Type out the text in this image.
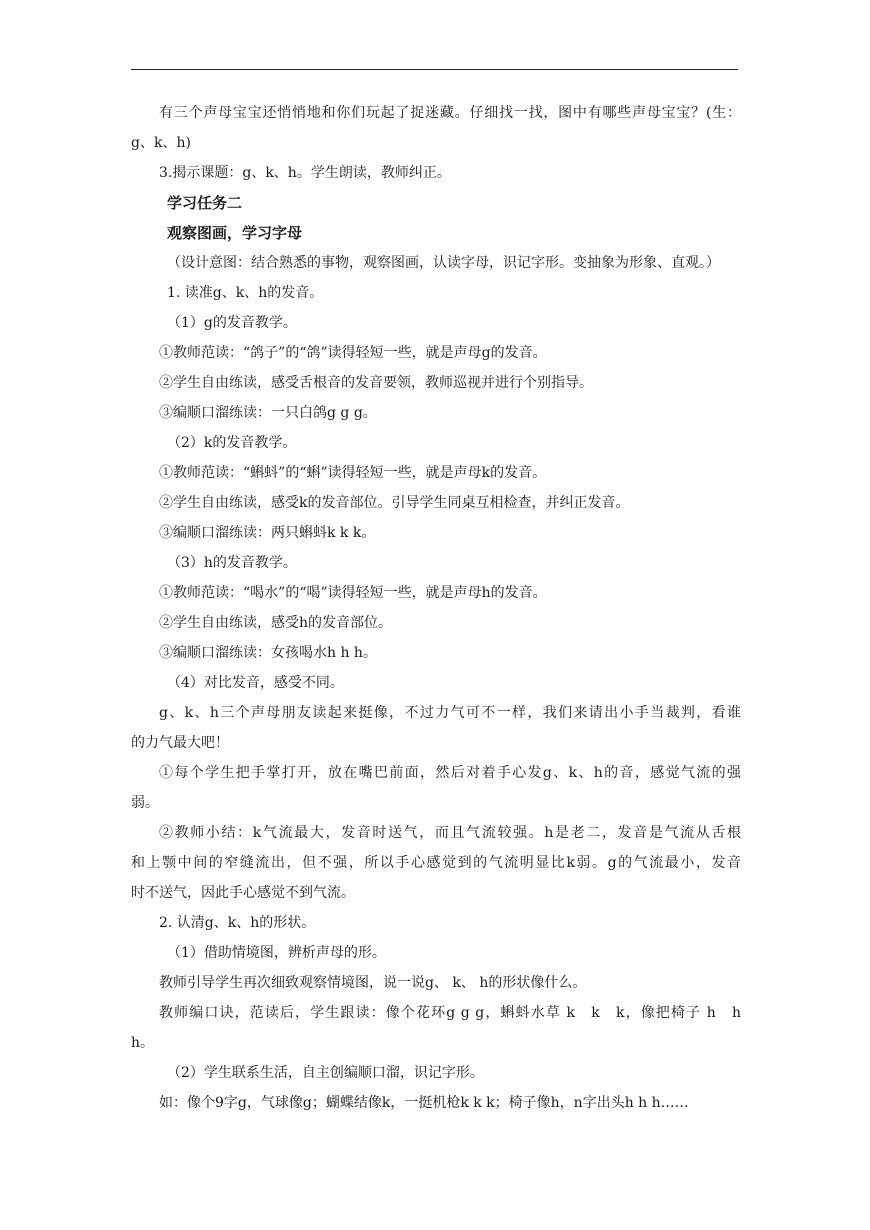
有三个声母宝宝还悄悄地和你们玩起了捉迷藏。仔细找一找，图中有哪些声母宝宝？(生：
g、k、h)
3.揭示课题：g、k、h。学生朗读，教师纠正。
学习任务二
观察图画，学习字母
（设计意图：结合熟悉的事物，观察图画，认读字母，识记字形。变抽象为形象、直观。）
1. 读准g、k、h的发音。
（1）g的发音教学。
①教师范读：“鸽子”的“鸽”读得轻短一些，就是声母g的发音。
②学生自由练读，感受舌根音的发音要领，教师巡视并进行个别指导。
③编顺口溜练读：一只白鸽g g g。
（2）k的发音教学。
①教师范读：“蝌蚪”的“蝌”读得轻短一些，就是声母k的发音。
②学生自由练读，感受k的发音部位。引导学生同桌互相检查，并纠正发音。
③编顺口溜练读：两只蝌蚪k k k。
（3）h的发音教学。
①教师范读：“喝水”的“喝”读得轻短一些，就是声母h的发音。
②学生自由练读，感受h的发音部位。
③编顺口溜练读：女孩喝水h h h。
（4）对比发音，感受不同。
g、k、h三个声母朋友读起来挺像，不过力气可不一样，我们来请出小手当裁判，看谁
的力气最大吧！
①每个学生把手掌打开，放在嘴巴前面，然后对着手心发g、k、h的音，感觉气流的强
弱。
②教师小结：k气流最大，发音时送气，而且气流较强。h是老二，发音是气流从舌根
和上颚中间的窄缝流出，但不强，所以手心感觉到的气流明显比k弱。g的气流最小，发音
时不送气，因此手心感觉不到气流。
2. 认清g、k、h的形状。
（1）借助情境图，辨析声母的形。
教师引导学生再次细致观察情境图，说一说g、 k、 h的形状像什么。
教师编口诀，范读后，学生跟读：像个花环g g g，蝌蚪水草 k　k　k，像把椅子 h　h
h。
（2）学生联系生活，自主创编顺口溜，识记字形。
如：像个9字g，气球像g；蝴蝶结像k，一挺机枪k k k；椅子像h，n字出头h h h……
